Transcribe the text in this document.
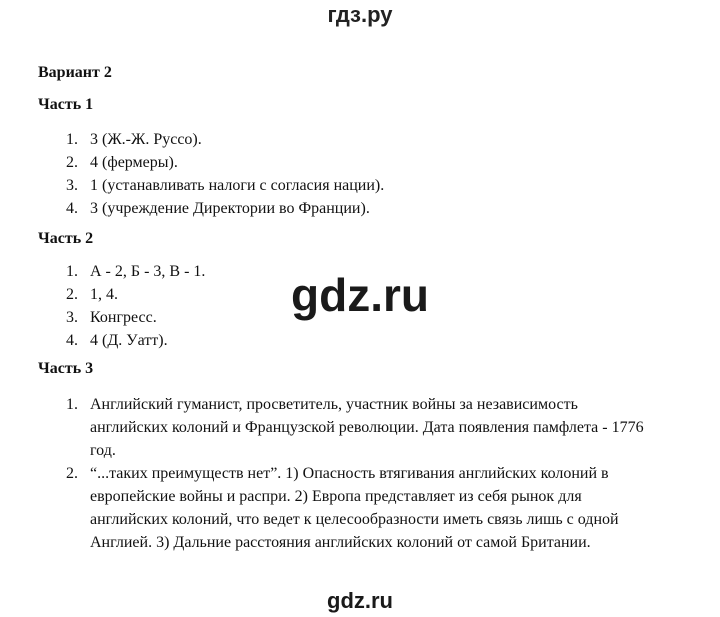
гдз.ру
Вариант 2
Часть 1
1. 3 (Ж.-Ж. Руссо).
2. 4 (фермеры).
3. 1 (устанавливать налоги с согласия нации).
4. 3 (учреждение Директории во Франции).
Часть 2
1. А - 2, Б - 3, В - 1.
2. 1, 4.
3. Конгресс.
4. 4 (Д. Уатт).
Часть 3
1. Английский гуманист, просветитель, участник войны за независимость английских колоний и Французской революции. Дата появления памфлета - 1776 год.
2. “...таких преимуществ нет”. 1) Опасность втягивания английских колоний в европейские войны и распри. 2) Европа представляет из себя рынок для английских колоний, что ведет к целесообразности иметь связь лишь с одной Англией. 3) Дальние расстояния английских колоний от самой Британии.
gdz.ru
gdz.ru
